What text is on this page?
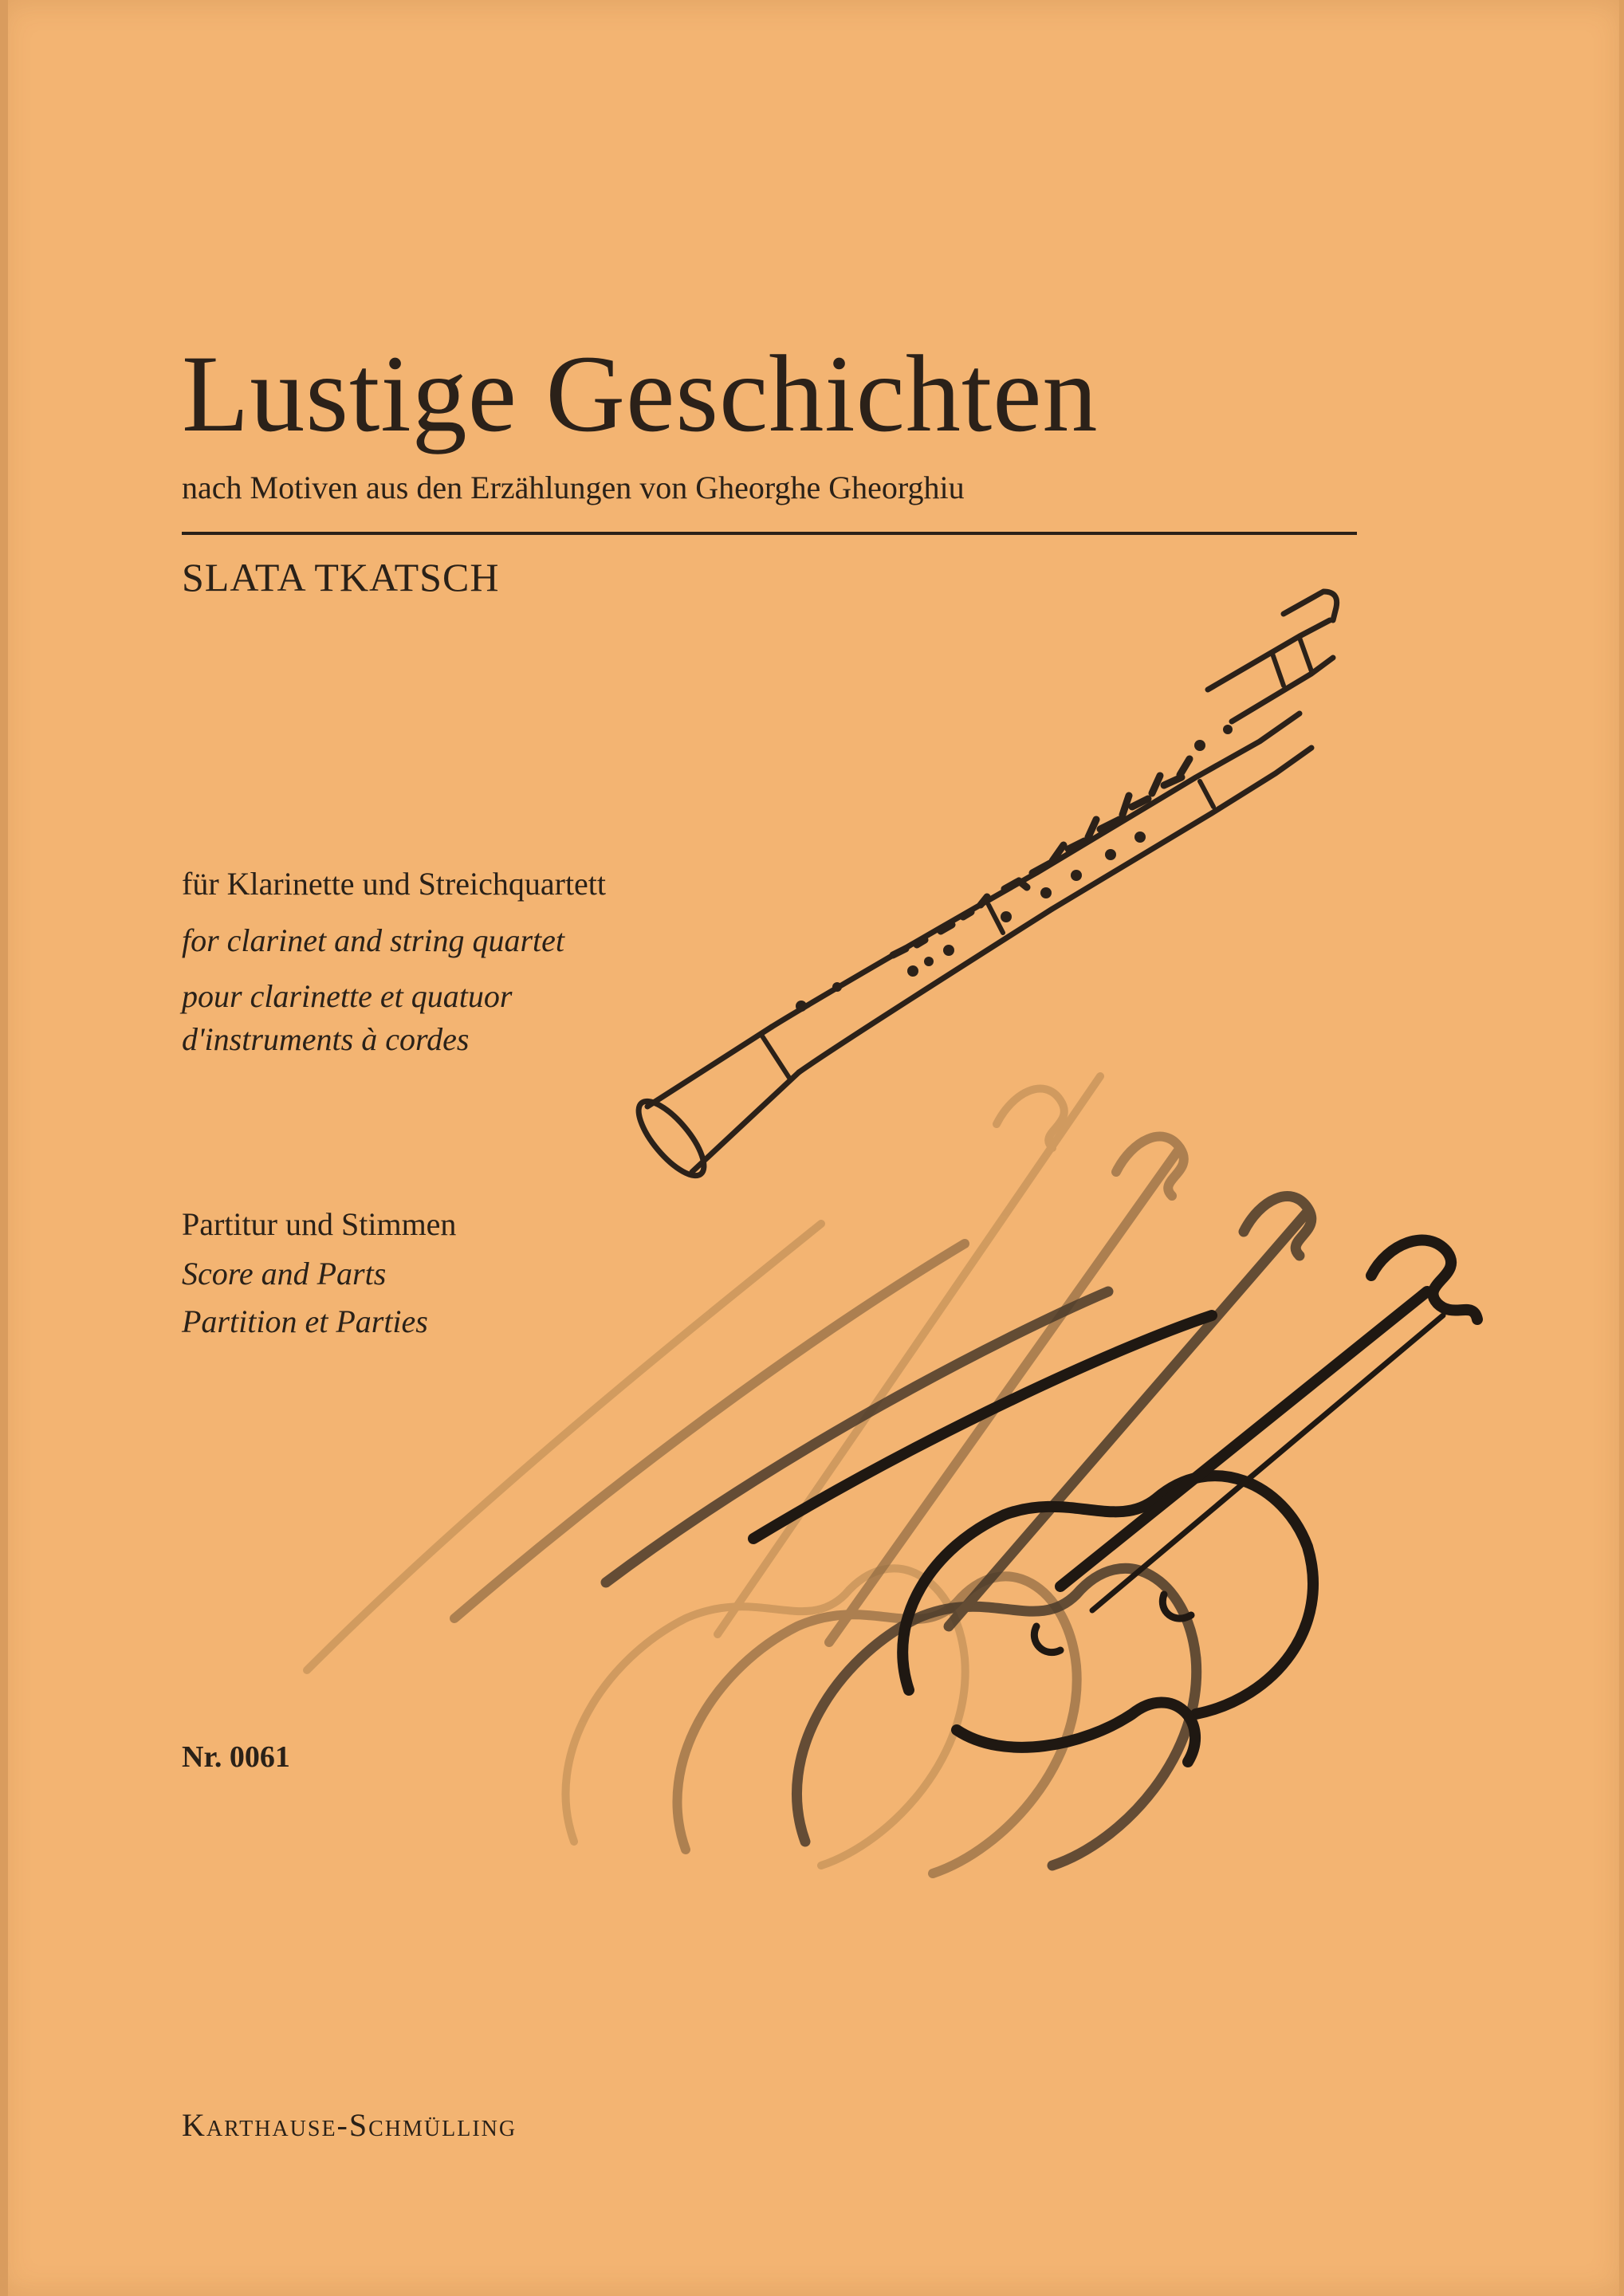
Lustige Geschichten
nach Motiven aus den Erzählungen von Gheorghe Gheorghiu
SLATA TKATSCH
für Klarinette und Streichquartett
for clarinet and string quartet
pour clarinette et quatuor
d'instruments à cordes
Partitur und Stimmen
Score and Parts
Partition et Parties
Nr. 0061
Karthause-Schmülling
